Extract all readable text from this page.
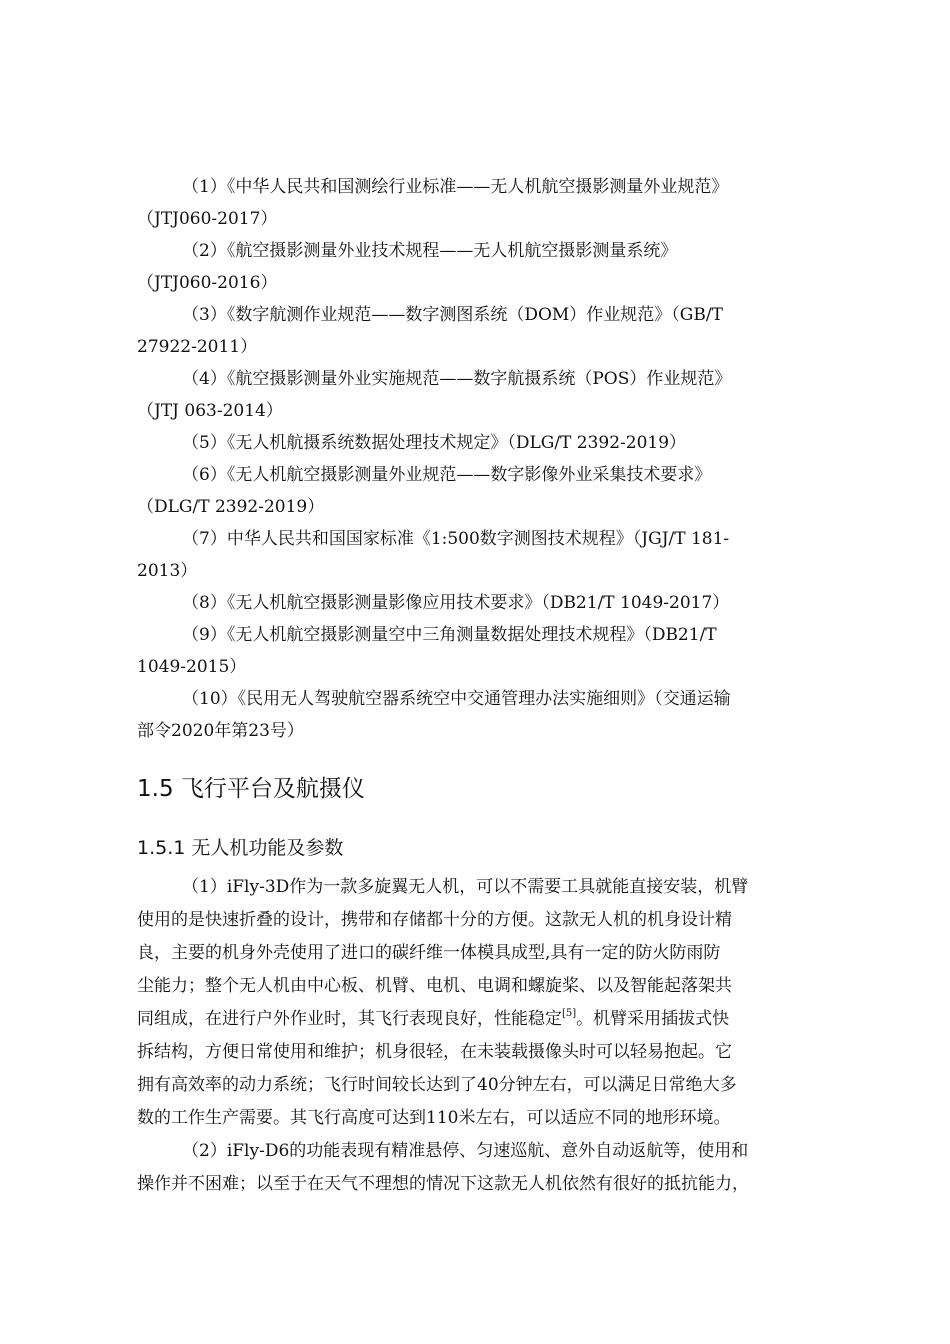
（1）《中华人民共和国测绘行业标准——无人机航空摄影测量外业规范》
（JTJ060-2017）
（2）《航空摄影测量外业技术规程——无人机航空摄影测量系统》
（JTJ060-2016）
（3）《数字航测作业规范——数字测图系统（DOM）作业规范》（GB/T
27922-2011）
（4）《航空摄影测量外业实施规范——数字航摄系统（POS）作业规范》
（JTJ 063-2014）
（5）《无人机航摄系统数据处理技术规定》（DLG/T 2392-2019）
（6）《无人机航空摄影测量外业规范——数字影像外业采集技术要求》
（DLG/T 2392-2019）
（7）中华人民共和国国家标准《1:500数字测图技术规程》（JGJ/T 181-
2013）
（8）《无人机航空摄影测量影像应用技术要求》（DB21/T 1049-2017）
（9）《无人机航空摄影测量空中三角测量数据处理技术规程》（DB21/T
1049-2015）
（10）《民用无人驾驶航空器系统空中交通管理办法实施细则》（交通运输
部令2020年第23号）
1.5 飞行平台及航摄仪
1.5.1 无人机功能及参数
（1）iFly-3D作为一款多旋翼无人机，可以不需要工具就能直接安装，机臂
使用的是快速折叠的设计，携带和存储都十分的方便。这款无人机的机身设计精
良，主要的机身外壳使用了进口的碳纤维一体模具成型,具有一定的防火防雨防
尘能力；整个无人机由中心板、机臂、电机、电调和螺旋桨、以及智能起落架共
同组成，在进行户外作业时，其飞行表现良好，性能稳定[5]。机臂采用插拔式快
拆结构，方便日常使用和维护；机身很轻，在未装载摄像头时可以轻易抱起。它
拥有高效率的动力系统；飞行时间较长达到了40分钟左右，可以满足日常绝大多
数的工作生产需要。其飞行高度可达到110米左右，可以适应不同的地形环境。
（2）iFly-D6的功能表现有精准悬停、匀速巡航、意外自动返航等，使用和
操作并不困难；以至于在天气不理想的情况下这款无人机依然有很好的抵抗能力，
